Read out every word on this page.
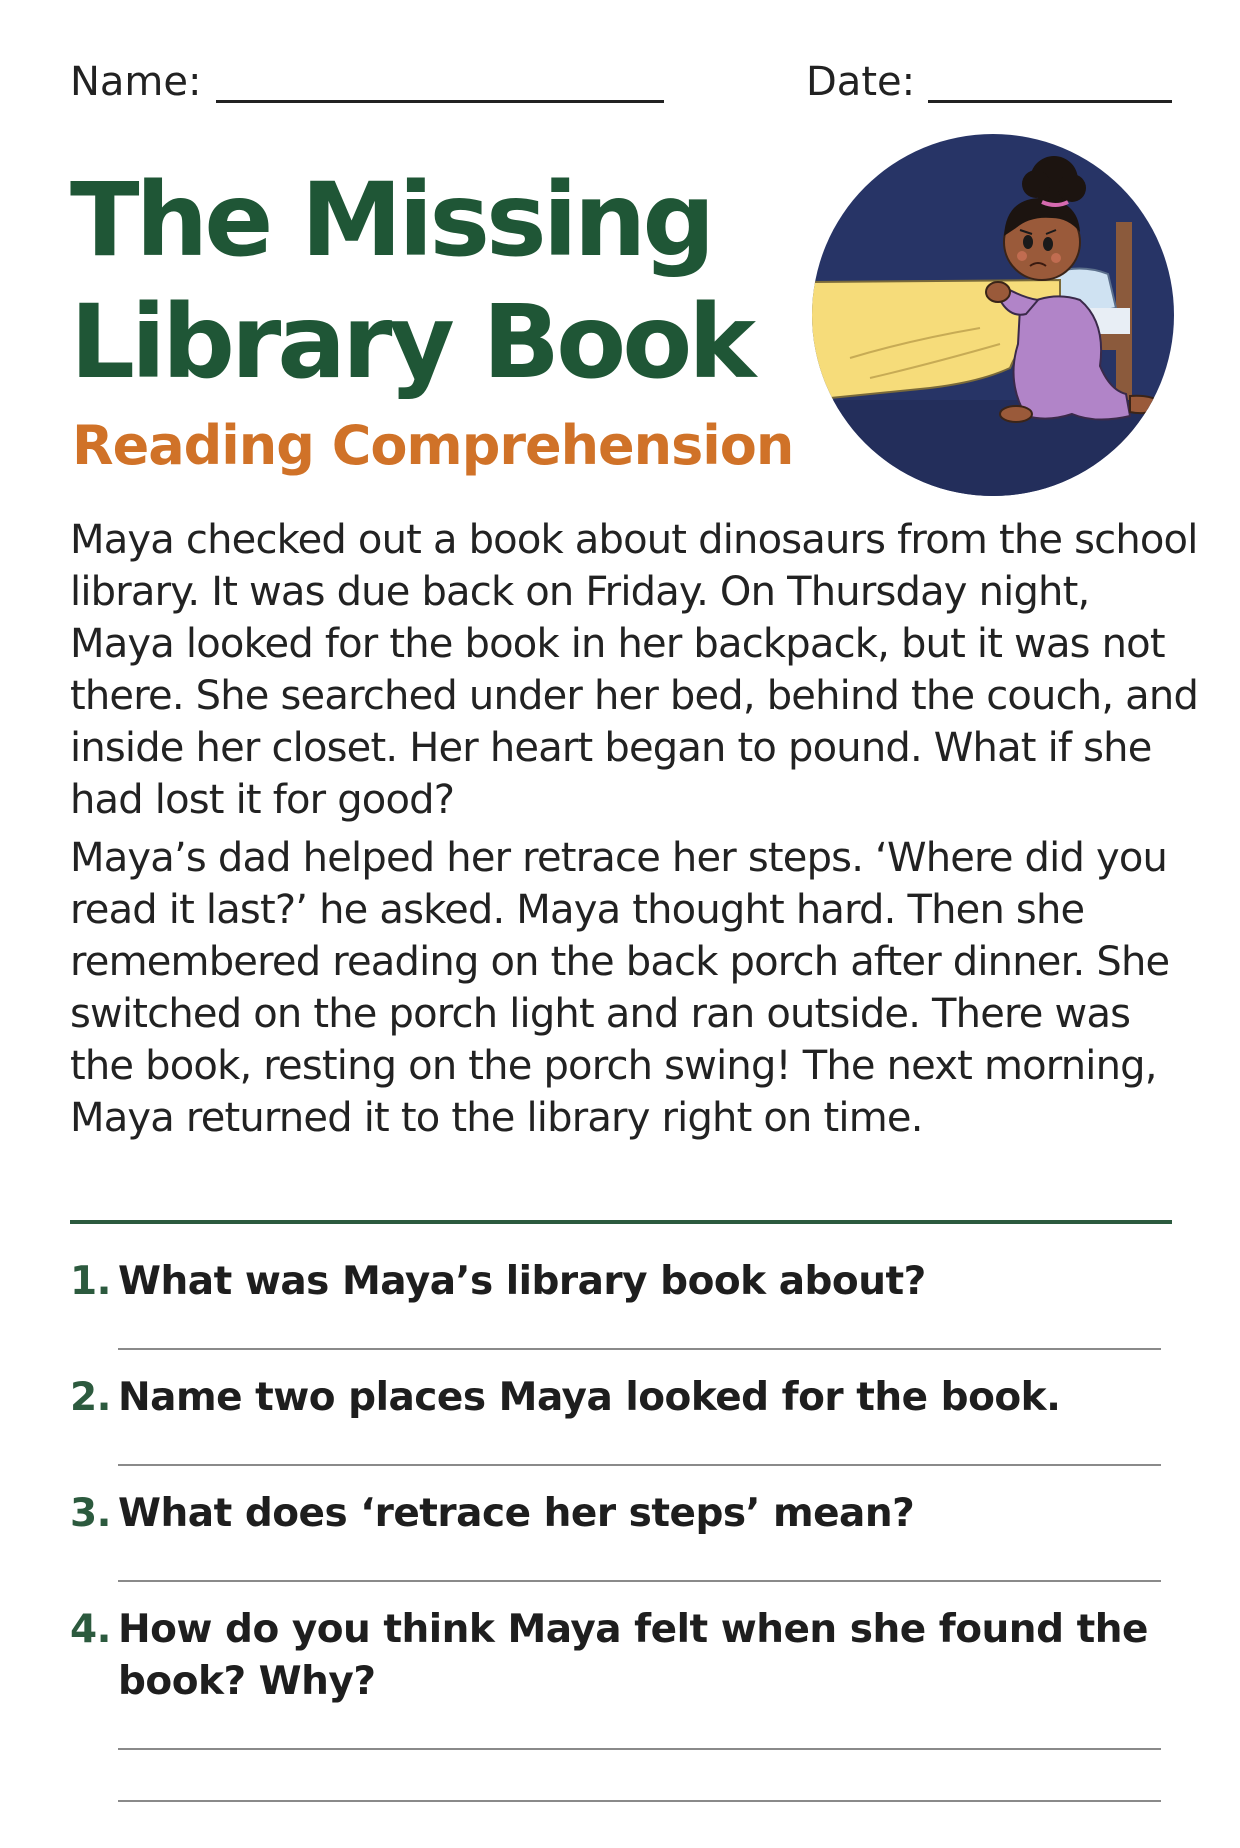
Name:	Date:
The Missing Library Book
Reading Comprehension

Maya checked out a book about dinosaurs from the school library. It was due back on Friday. On Thursday night, Maya looked for the book in her backpack, but it was not there. She searched under her bed, behind the couch, and inside her closet. Her heart began to pound. What if she had lost it for good?

Maya’s dad helped her retrace her steps. ‘Where did you read it last?’ he asked. Maya thought hard. Then she remembered reading on the back porch after dinner. She switched on the porch light and ran outside. There was the book, resting on the porch swing! The next morning, Maya returned it to the library right on time.

1. What was Maya’s library book about?
2. Name two places Maya looked for the book.
3. What does ‘retrace her steps’ mean?
4. How do you think Maya felt when she found the book? Why?
